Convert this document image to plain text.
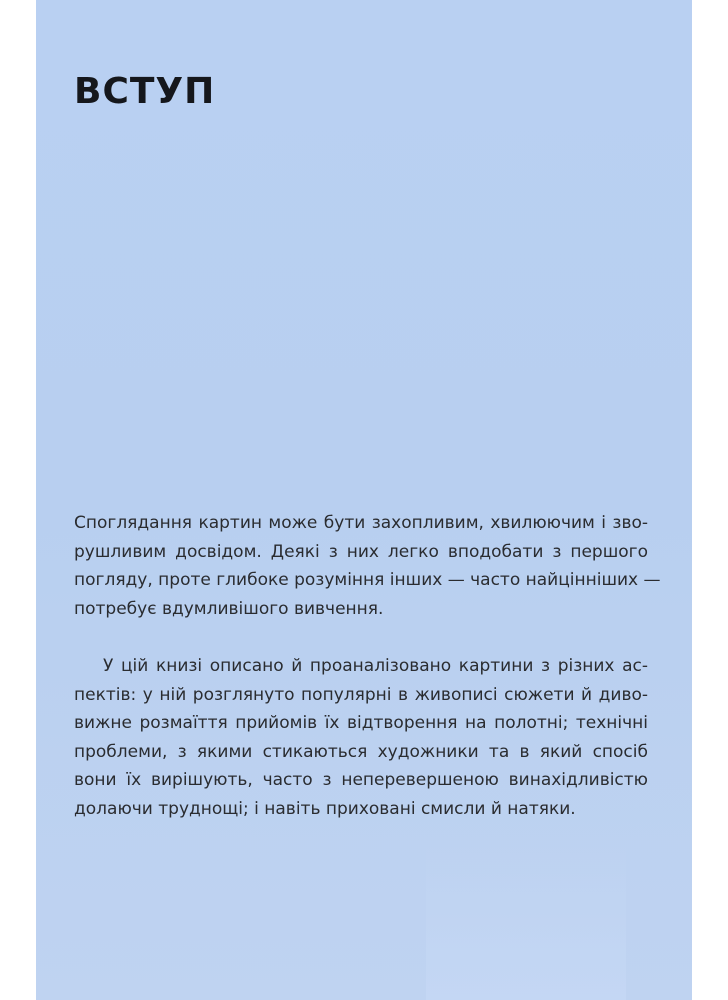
ВСТУП
Споглядання картин може бути захопливим, хвилюючим і зво-
рушливим досвідом. Деякі з них легко вподобати з першого
погляду, проте глибоке розуміння інших — часто найцінніших —
потребує вдумливішого вивчення.
У цій книзі описано й проаналізовано картини з різних ас-
пектів: у ній розглянуто популярні в живописі сюжети й диво-
вижне розмаїття прийомів їх відтворення на полотні; технічні
проблеми, з якими стикаються художники та в який спосіб
вони їх вирішують, часто з неперевершеною винахідливістю
долаючи труднощі; і навіть приховані смисли й натяки.
